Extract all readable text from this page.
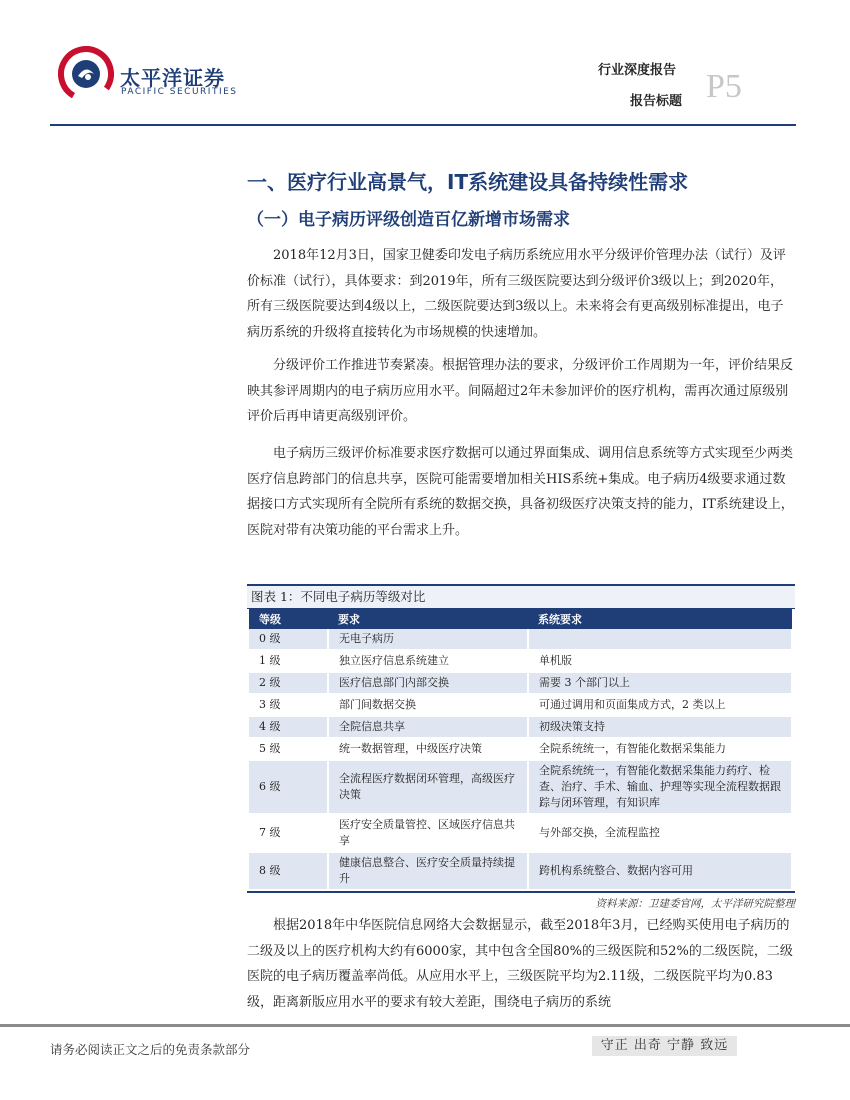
太平洋证券
PACIFIC SECURITIES
行业深度报告
报告标题 P5
一、医疗行业高景气，IT系统建设具备持续性需求
（一）电子病历评级创造百亿新增市场需求

2018年12月3日，国家卫健委印发电子病历系统应用水平分级评价管理办法（试行）及评价标准（试行），具体要求：到2019年，所有三级医院要达到分级评价3级以上；到2020年，所有三级医院要达到4级以上，二级医院要达到3级以上。未来将会有更高级别标准提出，电子病历系统的升级将直接转化为市场规模的快速增加。

分级评价工作推进节奏紧凑。根据管理办法的要求，分级评价工作周期为一年，评价结果反映其参评周期内的电子病历应用水平。间隔超过2年未参加评价的医疗机构，需再次通过原级别评价后再申请更高级别评价。

电子病历三级评价标准要求医疗数据可以通过界面集成、调用信息系统等方式实现至少两类医疗信息跨部门的信息共享，医院可能需要增加相关HIS系统+集成。电子病历4级要求通过数据接口方式实现所有全院所有系统的数据交换，具备初级医疗决策支持的能力，IT系统建设上，医院对带有决策功能的平台需求上升。

图表 1：不同电子病历等级对比
等级	要求	系统要求
0 级	无电子病历	
1 级	独立医疗信息系统建立	单机版
2 级	医疗信息部门内部交换	需要 3 个部门以上
3 级	部门间数据交换	可通过调用和页面集成方式，2 类以上
4 级	全院信息共享	初级决策支持
5 级	统一数据管理，中级医疗决策	全院系统统一，有智能化数据采集能力
6 级	全流程医疗数据闭环管理，高级医疗决策	全院系统统一，有智能化数据采集能力药疗、检查、治疗、手术、输血、护理等实现全流程数据跟踪与闭环管理，有知识库
7 级	医疗安全质量管控、区域医疗信息共享	与外部交换，全流程监控
8 级	健康信息整合、医疗安全质量持续提升	跨机构系统整合、数据内容可用
资料来源：卫建委官网，太平洋研究院整理

根据2018年中华医院信息网络大会数据显示，截至2018年3月，已经购买使用电子病历的二级及以上的医疗机构大约有6000家，其中包含全国80%的三级医院和52%的二级医院，二级医院的电子病历覆盖率尚低。从应用水平上，三级医院平均为2.11级，二级医院平均为0.83级，距离新版应用水平的要求有较大差距，围绕电子病历的系统

请务必阅读正文之后的免责条款部分	守正 出奇 宁静 致远
